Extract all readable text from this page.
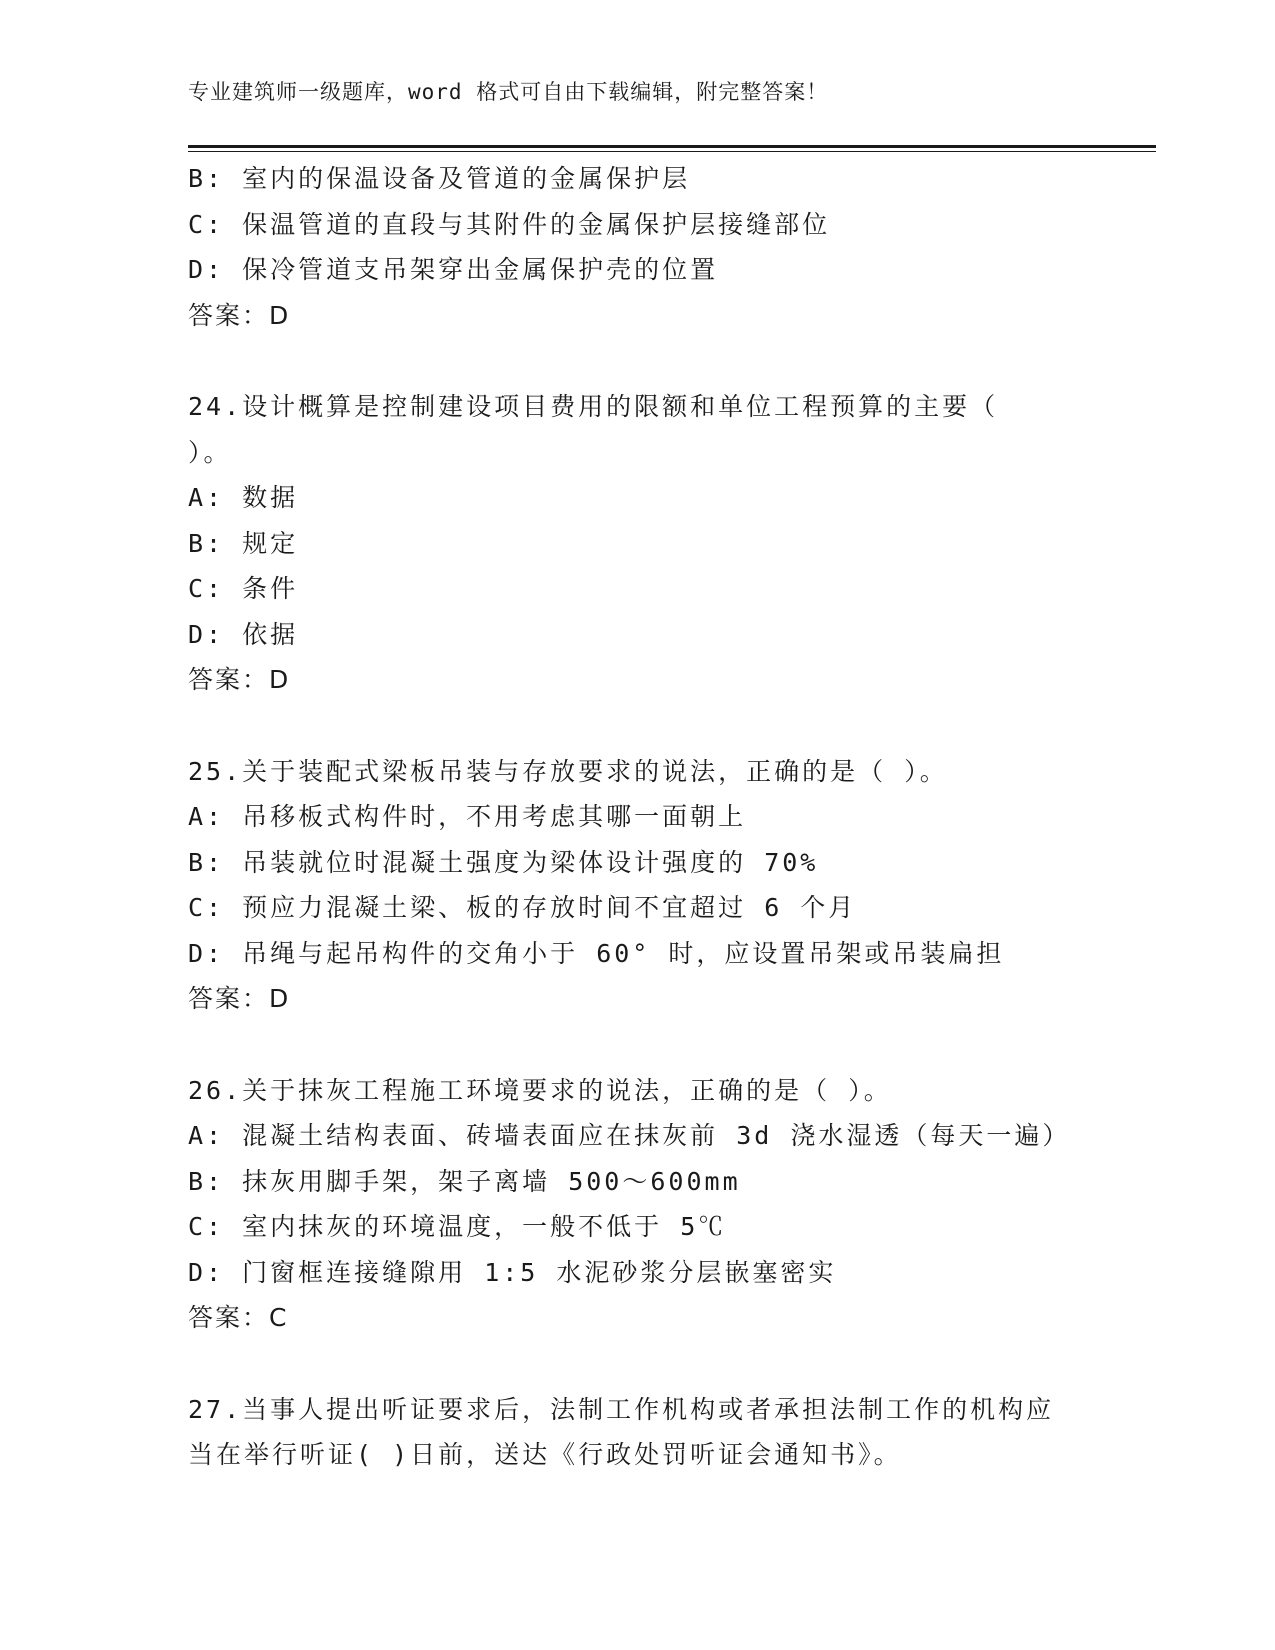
专业建筑师一级题库，word 格式可自由下载编辑，附完整答案！
B: 室内的保温设备及管道的金属保护层
C: 保温管道的直段与其附件的金属保护层接缝部位
D: 保冷管道支吊架穿出金属保护壳的位置
答案：D
24.设计概算是控制建设项目费用的限额和单位工程预算的主要（
）。
A: 数据
B: 规定
C: 条件
D: 依据
答案：D
25.关于装配式梁板吊装与存放要求的说法，正确的是（ ）。
A: 吊移板式构件时，不用考虑其哪一面朝上
B: 吊装就位时混凝土强度为梁体设计强度的 70%
C: 预应力混凝土梁、板的存放时间不宜超过 6 个月
D: 吊绳与起吊构件的交角小于 60° 时，应设置吊架或吊装扁担
答案：D
26.关于抹灰工程施工环境要求的说法，正确的是（ ）。
A: 混凝土结构表面、砖墙表面应在抹灰前 3d 浇水湿透（每天一遍）
B: 抹灰用脚手架，架子离墙 500～600mm
C: 室内抹灰的环境温度，一般不低于 5℃
D: 门窗框连接缝隙用 1:5 水泥砂浆分层嵌塞密实
答案：C
27.当事人提出听证要求后，法制工作机构或者承担法制工作的机构应
当在举行听证( )日前，送达《行政处罚听证会通知书》。
